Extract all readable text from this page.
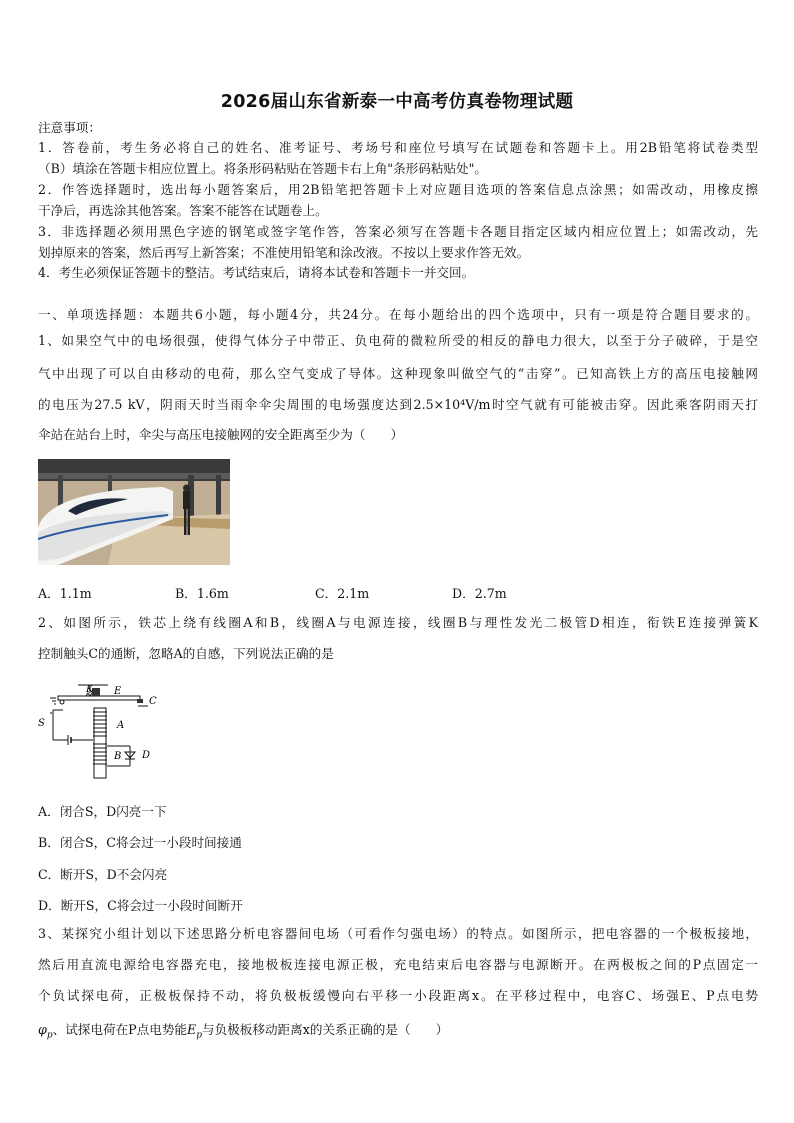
2026届山东省新泰一中高考仿真卷物理试题
注意事项：
1．答卷前，考生务必将自己的姓名、准考证号、考场号和座位号填写在试题卷和答题卡上。用2B铅笔将试卷类型
（B）填涂在答题卡相应位置上。将条形码粘贴在答题卡右上角"条形码粘贴处"。
2．作答选择题时，选出每小题答案后，用2B铅笔把答题卡上对应题目选项的答案信息点涂黑；如需改动，用橡皮擦
干净后，再选涂其他答案。答案不能答在试题卷上。
3．非选择题必须用黑色字迹的钢笔或签字笔作答，答案必须写在答题卡各题目指定区域内相应位置上；如需改动，先
划掉原来的答案，然后再写上新答案；不准使用铅笔和涂改液。不按以上要求作答无效。
4．考生必须保证答题卡的整洁。考试结束后，请将本试卷和答题卡一并交回。
一、单项选择题：本题共6小题，每小题4分，共24分。在每小题给出的四个选项中，只有一项是符合题目要求的。
1、如果空气中的电场很强，使得气体分子中带正、负电荷的微粒所受的相反的静电力很大，以至于分子破碎，于是空
气中出现了可以自由移动的电荷，那么空气变成了导体。这种现象叫做空气的“击穿”。已知高铁上方的高压电接触网
的电压为27.5 kV，阴雨天时当雨伞伞尖周围的电场强度达到2.5×10⁴V/m时空气就有可能被击穿。因此乘客阴雨天打
伞站在站台上时，伞尖与高压电接触网的安全距离至少为（　　）
A．1.1m	B．1.6m	C．2.1m	D．2.7m
2、如图所示，铁芯上绕有线圈A和B，线圈A与电源连接，线圈B与理性发光二极管D相连，衔铁E连接弹簧K
控制触头C的通断，忽略A的自感，下列说法正确的是
K E
C
S	A
B D
A．闭合S，D闪亮一下
B．闭合S，C将会过一小段时间接通
C．断开S，D不会闪亮
D．断开S，C将会过一小段时间断开
3、某探究小组计划以下述思路分析电容器间电场（可看作匀强电场）的特点。如图所示，把电容器的一个极板接地，
然后用直流电源给电容器充电，接地极板连接电源正极，充电结束后电容器与电源断开。在两极板之间的P点固定一
个负试探电荷，正极板保持不动，将负极板缓慢向右平移一小段距离x。在平移过程中，电容C、场强E、P点电势
$\varphi_p$、试探电荷在P点电势能$E_p$与负极板移动距离x的关系正确的是（　　）
